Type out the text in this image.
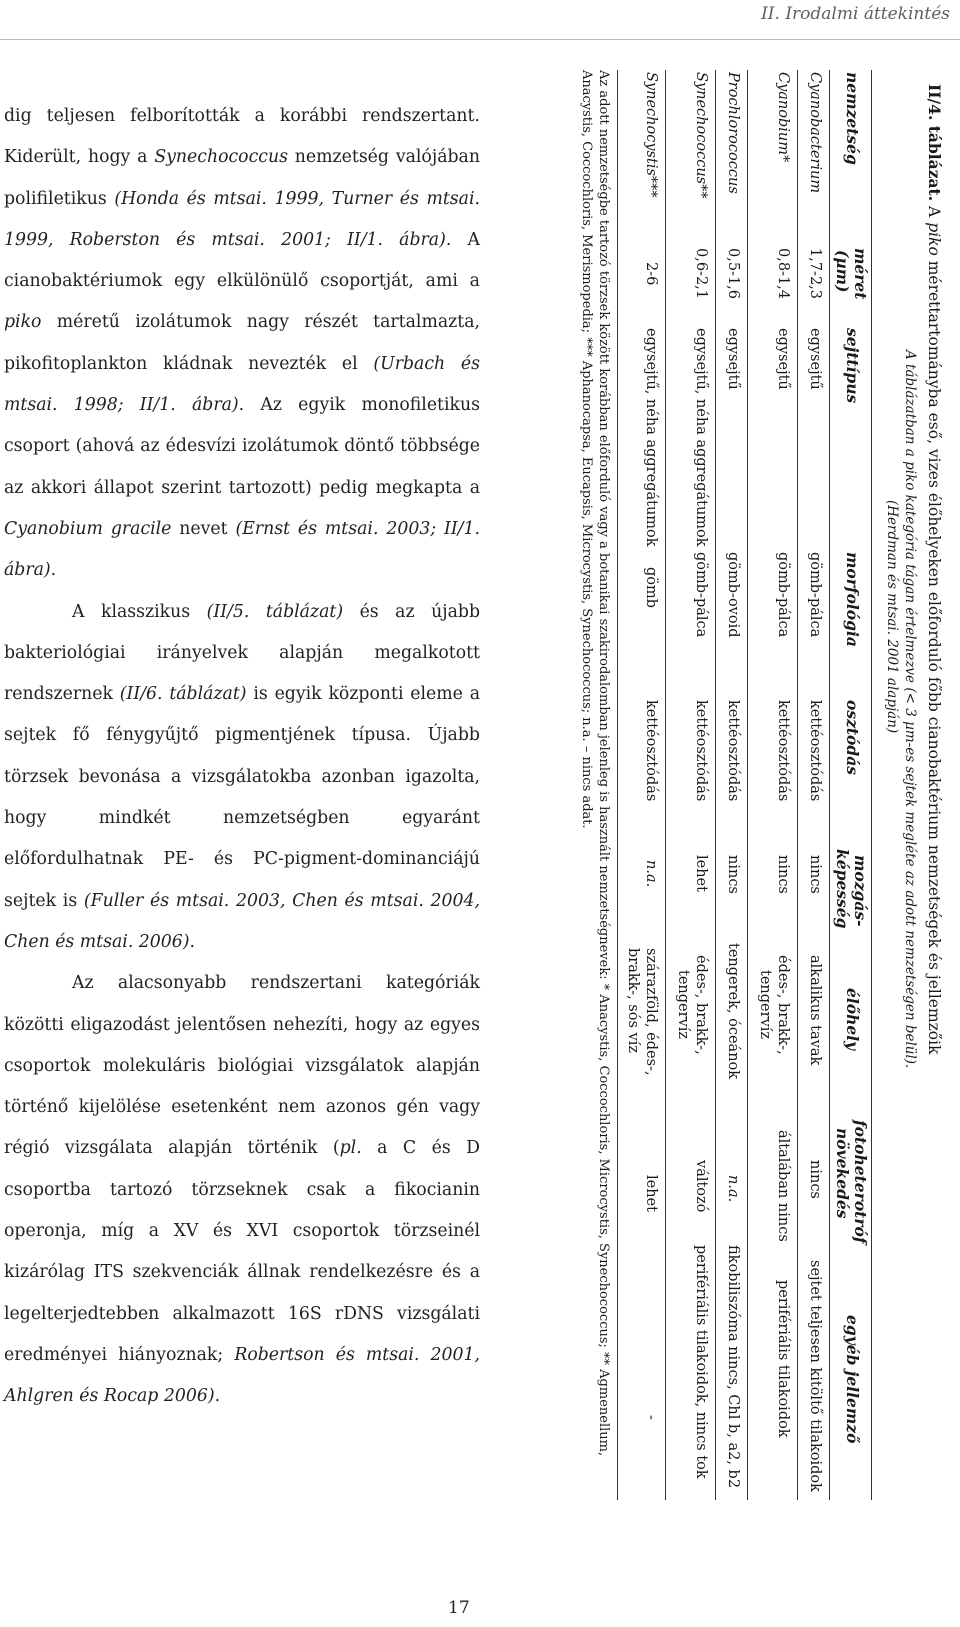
II. Irodalmi áttekintés

dig teljesen felborították a korábbi rendszertant. Kiderült, hogy a Synechococcus nemzetség valójában polifiletikus (Honda és mtsai. 1999, Turner és mtsai. 1999, Roberston és mtsai. 2001; II/1. ábra). A cianobaktériumok egy elkülönülő csoportját, ami a piko méretű izolátumok nagy részét tartalmazta, pikofitoplankton kládnak nevezték el (Urbach és mtsai. 1998; II/1. ábra). Az egyik monofiletikus csoport (ahová az édesvízi izolátumok döntő többsége az akkori állapot szerint tartozott) pedig megkapta a Cyanobium gracile nevet (Ernst és mtsai. 2003; II/1. ábra).

A klasszikus (II/5. táblázat) és az újabb bakteriológiai irányelvek alapján megalkotott rendszernek (II/6. táblázat) is egyik központi eleme a sejtek fő fénygyűjtő pigmentjének típusa. Újabb törzsek bevonása a vizsgálatokba azonban igazolta, hogy mindkét nemzetségben egyaránt előfordulhatnak PE- és PC-pigment-dominanciájú sejtek is (Fuller és mtsai. 2003, Chen és mtsai. 2004, Chen és mtsai. 2006).

Az alacsonyabb rendszertani kategóriák közötti eligazodást jelentősen nehezíti, hogy az egyes csoportok molekuláris biológiai vizsgálatok alapján történő kijelölése esetenként nem azonos gén vagy régió vizsgálata alapján történik (pl. a C és D csoportba tartozó törzseknek csak a fikocianin operonja, míg a XV és XVI csoportok törzseinél kizárólag ITS szekvenciák állnak rendelkezésre és a legelterjedtebben alkalmazott 16S rDNS vizsgálati eredményei hiányoznak; Robertson és mtsai. 2001, Ahlgren és Rocap 2006).

II/4. táblázat. A piko mérettartományba eső, vizes élőhelyeken előforduló főbb cianobaktérium nemzetségek és jellemzőik
(Herdman és mtsai. 2001 alapján) A táblázatban a piko kategória tágan értelmezve (< 3 µm-es sejtek megléte az adott nemzetségen belül).
nemzetség
méret
(µm)
sejttípus
morfológia
osztódás
mozgás-
képesség
élőhely
fotoheterotróf
növekedés
egyéb jellemző
Cyanobacterium
1,7-2,3
egysejtű
gömb-pálca
kettéosztódás
nincs
alkalikus tavak
nincs
sejtet teljesen kitöltő tilakoidok
Cyanobium*
0,8-1,4
egysejtű
gömb-pálca
kettéosztódás
nincs
édes-, brakk-,
tengervíz
általában nincs
perifériális tilakoidok
Prochlorococcus
0,5-1,6
egysejtű
gömb-ovoid
kettéosztódás
nincs
tengerek, óceánok
n.a.
fikobiliszóma nincs, Chl b, a2, b2
Synechococcus**
0,6-2,1
egysejtű, néha aggregátumok
gömb-pálca
kettéosztódás
lehet
édes-, brakk-,
tengervíz
változó
perifériális tilakoidok, nincs tok
Synechocystis***
2-6
egysejtű, néha aggregátumok
gömb
kettéosztódás
n.a.
szárazföld, édes-,
brakk-, sós víz
lehet
-
Az adott nemzetségbe tartozó törzsek között korábban előforduló vagy a botanikai szakirodalomban jelenleg is használt nemzetségnevek: * Anacystis, Coccochloris, Microcystis, Synechococcus; ** Agmenellum,
Anacystis, Coccochloris, Merismopedia; *** Aphanocapsa, Eucapsis, Microcystis, Synechococcus; n.a. – nincs adat.
17
